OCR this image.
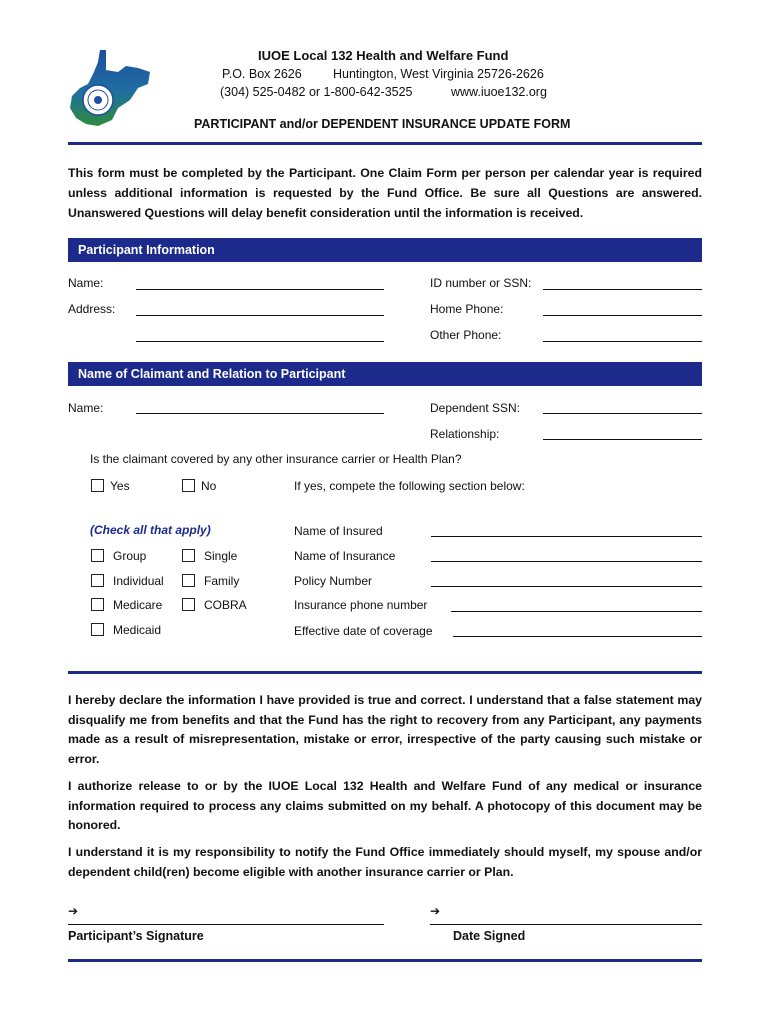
IUOE Local 132 Health and Welfare Fund
P.O. Box 2626	Huntington, West Virginia 25726-2626
(304) 525-0482 or 1-800-642-3525	www.iuoe132.org
PARTICIPANT and/or DEPENDENT INSURANCE UPDATE FORM
This form must be completed by the Participant. One Claim Form per person per calendar year is required unless additional information is requested by the Fund Office. Be sure all Questions are answered. Unanswered Questions will delay benefit consideration until the information is received.
Participant Information
Name:	ID number or SSN:
Address:	Home Phone:
Other Phone:
Name of Claimant and Relation to Participant
Name:	Dependent SSN:
Relationship:
Is the claimant covered by any other insurance carrier or Health Plan?
Yes	No	If yes, compete the following section below:
(Check all that apply)
Group	Single
Individual	Family
Medicare	COBRA
Medicaid
Name of Insured
Name of Insurance
Policy Number
Insurance phone number
Effective date of coverage
I hereby declare the information I have provided is true and correct. I understand that a false statement may disqualify me from benefits and that the Fund has the right to recovery from any Participant, any payments made as a result of misrepresentation, mistake or error, irrespective of the party causing such mistake or error.
I authorize release to or by the IUOE Local 132 Health and Welfare Fund of any medical or insurance information required to process any claims submitted on my behalf. A photocopy of this document may be honored.
I understand it is my responsibility to notify the Fund Office immediately should myself, my spouse and/or dependent child(ren) become eligible with another insurance carrier or Plan.
➔
Participant’s Signature
➔
Date Signed
